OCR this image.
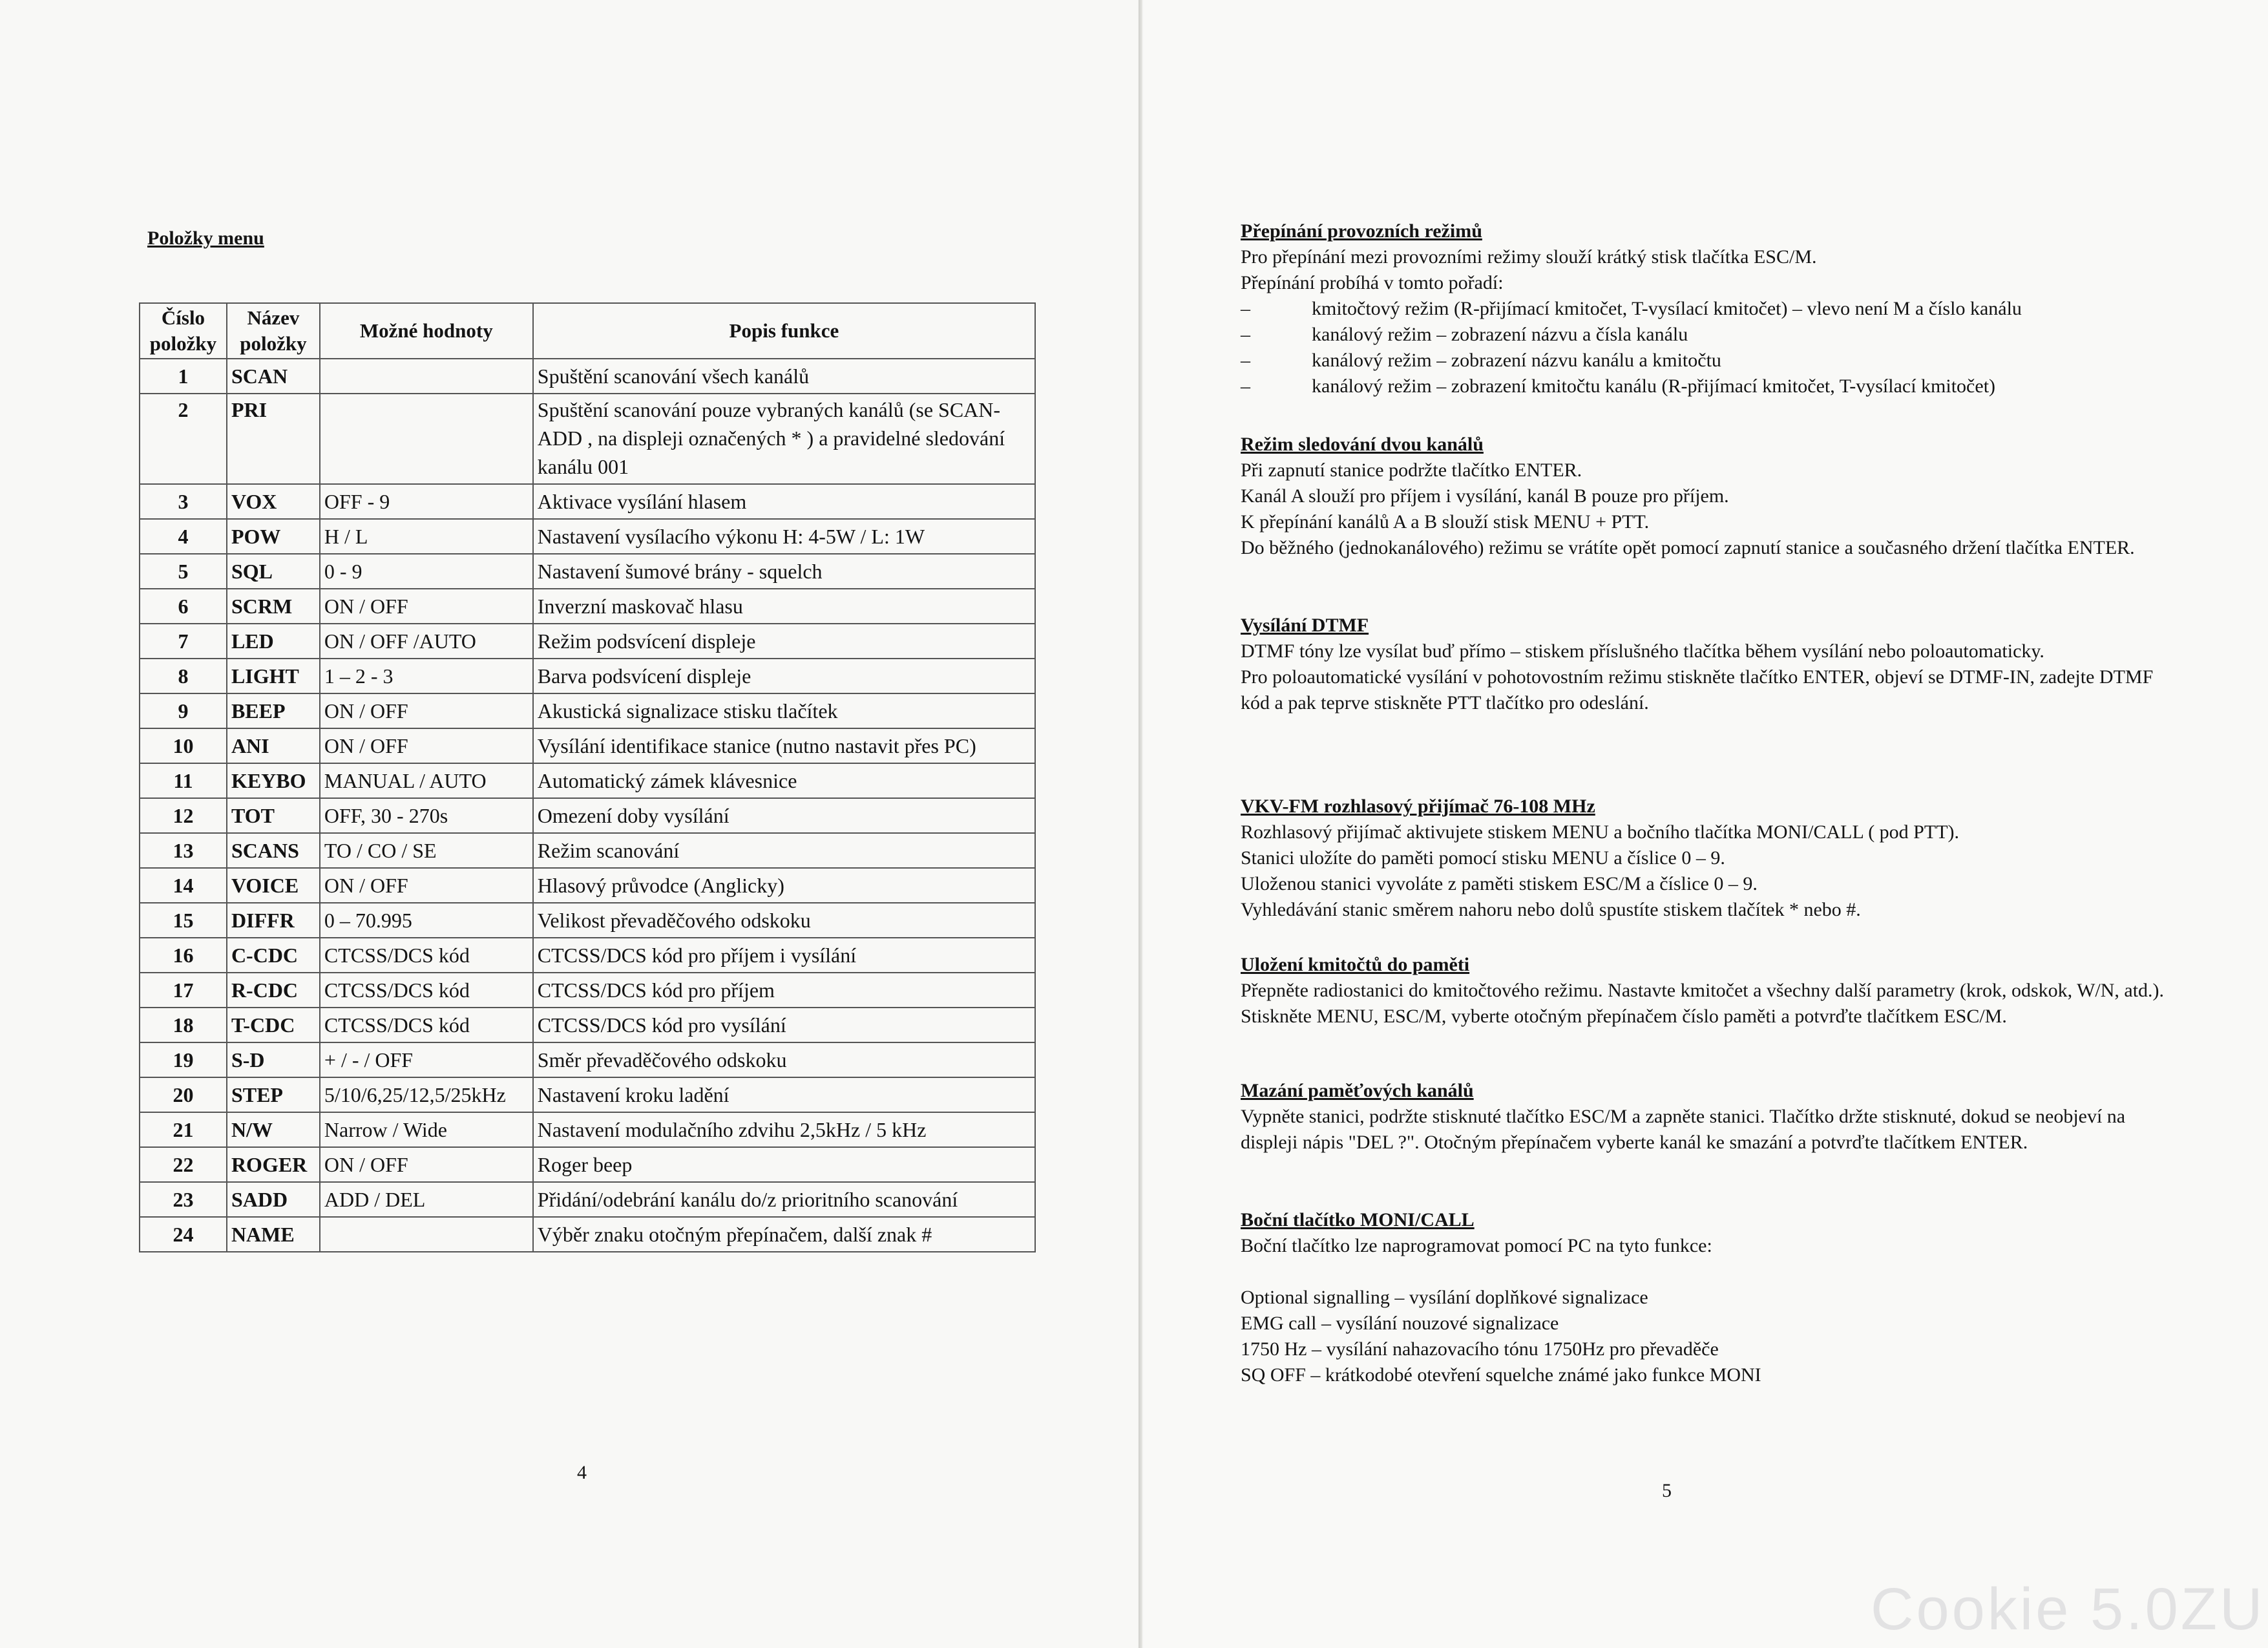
Položky menu
Číslo položky	Název položky	Možné hodnoty	Popis funkce
1	SCAN		Spuštění scanování všech kanálů
2	PRI		Spuštění scanování pouze vybraných kanálů (se SCAN-ADD , na displeji označených * ) a pravidelné sledování kanálu 001
3	VOX	OFF - 9	Aktivace vysílání hlasem
4	POW	H / L	Nastavení vysílacího výkonu H: 4-5W / L: 1W
5	SQL	0 - 9	Nastavení šumové brány - squelch
6	SCRM	ON / OFF	Inverzní maskovač hlasu
7	LED	ON / OFF /AUTO	Režim podsvícení displeje
8	LIGHT	1 – 2 - 3	Barva podsvícení displeje
9	BEEP	ON / OFF	Akustická signalizace stisku tlačítek
10	ANI	ON / OFF	Vysílání identifikace stanice (nutno nastavit přes PC)
11	KEYBO	MANUAL / AUTO	Automatický zámek klávesnice
12	TOT	OFF, 30 - 270s	Omezení doby vysílání
13	SCANS	TO / CO / SE	Režim scanování
14	VOICE	ON / OFF	Hlasový průvodce (Anglicky)
15	DIFFR	0 – 70.995	Velikost převaděčového odskoku
16	C-CDC	CTCSS/DCS kód	CTCSS/DCS kód pro příjem i vysílání
17	R-CDC	CTCSS/DCS kód	CTCSS/DCS kód pro příjem
18	T-CDC	CTCSS/DCS kód	CTCSS/DCS kód pro vysílání
19	S-D	+ / - / OFF	Směr převaděčového odskoku
20	STEP	5/10/6,25/12,5/25kHz	Nastavení kroku ladění
21	N/W	Narrow / Wide	Nastavení modulačního zdvihu 2,5kHz / 5 kHz
22	ROGER	ON / OFF	Roger beep
23	SADD	ADD / DEL	Přidání/odebrání kanálu do/z prioritního scanování
24	NAME		Výběr znaku otočným přepínačem, další znak #
4
Přepínání provozních režimů

Pro přepínání mezi provozními režimy slouží krátký stisk tlačítka ESC/M.

Přepínání probíhá v tomto pořadí:

–	kmitočtový režim (R-přijímací kmitočet, T-vysílací kmitočet) – vlevo není M a číslo kanálu
–	kanálový režim – zobrazení názvu a čísla kanálu
–	kanálový režim – zobrazení názvu kanálu a kmitočtu
–	kanálový režim – zobrazení kmitočtu kanálu (R-přijímací kmitočet, T-vysílací kmitočet)
Režim sledování dvou kanálů

Při zapnutí stanice podržte tlačítko ENTER.

Kanál A slouží pro příjem i vysílání, kanál B pouze pro příjem.

K přepínání kanálů A a B slouží stisk MENU + PTT.

Do běžného (jednokanálového) režimu se vrátíte opět pomocí zapnutí stanice a současného držení tlačítka ENTER.

Vysílání DTMF

DTMF tóny lze vysílat buď přímo – stiskem příslušného tlačítka během vysílání nebo poloautomaticky.

Pro poloautomatické vysílání v pohotovostním režimu stiskněte tlačítko ENTER, objeví se DTMF-IN, zadejte DTMF kód a pak teprve stiskněte PTT tlačítko pro odeslání.

VKV-FM rozhlasový přijímač 76-108 MHz

Rozhlasový přijímač aktivujete stiskem MENU a bočního tlačítka MONI/CALL ( pod PTT).

Stanici uložíte do paměti pomocí stisku MENU a číslice 0 – 9.

Uloženou stanici vyvoláte z paměti stiskem ESC/M a číslice 0 – 9.

Vyhledávání stanic směrem nahoru nebo dolů spustíte stiskem tlačítek * nebo #.

Uložení kmitočtů do paměti

Přepněte radiostanici do kmitočtového režimu. Nastavte kmitočet a všechny další parametry (krok, odskok, W/N, atd.).

Stiskněte MENU, ESC/M, vyberte otočným přepínačem číslo paměti a potvrďte tlačítkem ESC/M.

Mazání paměťových kanálů

Vypněte stanici, podržte stisknuté tlačítko ESC/M a zapněte stanici. Tlačítko držte stisknuté, dokud se neobjeví na displeji nápis "DEL ?". Otočným přepínačem vyberte kanál ke smazání a potvrďte tlačítkem ENTER.

Boční tlačítko MONI/CALL

Boční tlačítko lze naprogramovat pomocí PC na tyto funkce:

Optional signalling – vysílání doplňkové signalizace

EMG call – vysílání nouzové signalizace

1750 Hz – vysílání nahazovacího tónu 1750Hz pro převaděče

SQ OFF – krátkodobé otevření squelche známé jako funkce MONI

5
Cookie 5.0ZU
